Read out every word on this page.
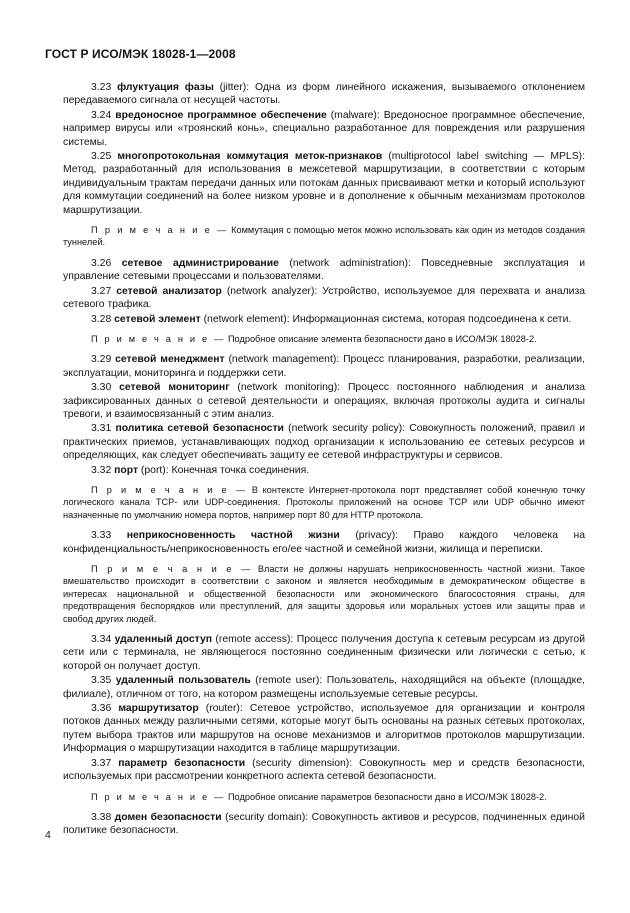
ГОСТ Р ИСО/МЭК 18028-1—2008

3.23 флуктуация фазы (jitter): Одна из форм линейного искажения, вызываемого отклонением передаваемого сигнала от несущей частоты.

3.24 вредоносное программное обеспечение (malware): Вредоносное программное обеспечение, например вирусы или «троянский конь», специально разработанное для повреждения или разрушения системы.

3.25 многопротокольная коммутация меток-признаков (multiprotocol label switching — MPLS): Метод, разработанный для использования в межсетевой маршрутизации, в соответствии с которым индивидуальным трактам передачи данных или потокам данных присваивают метки и который используют для коммутации соединений на более низком уровне и в дополнение к обычным механизмам протоколов маршрутизации.

П р и м е ч а н и е — Коммутация с помощью меток можно использовать как один из методов создания туннелей.

3.26 сетевое администрирование (network administration): Повседневные эксплуатация и управление сетевыми процессами и пользователями.

3.27 сетевой анализатор (network analyzer): Устройство, используемое для перехвата и анализа сетевого трафика.

3.28 сетевой элемент (network element): Информационная система, которая подсоединена к сети.

П р и м е ч а н и е — Подробное описание элемента безопасности дано в ИСО/МЭК 18028-2.

3.29 сетевой менеджмент (network management): Процесс планирования, разработки, реализации, эксплуатации, мониторинга и поддержки сети.

3.30 сетевой мониторинг (network monitoring): Процесс постоянного наблюдения и анализа зафиксированных данных о сетевой деятельности и операциях, включая протоколы аудита и сигналы тревоги, и взаимосвязанный с этим анализ.

3.31 политика сетевой безопасности (network security policy): Совокупность положений, правил и практических приемов, устанавливающих подход организации к использованию ее сетевых ресурсов и определяющих, как следует обеспечивать защиту ее сетевой инфраструктуры и сервисов.

3.32 порт (port): Конечная точка соединения.

П р и м е ч а н и е — В контексте Интернет-протокола порт представляет собой конечную точку логического канала TCP- или UDP-соединения. Протоколы приложений на основе TCP или UDP обычно имеют назначенные по умолчанию номера портов, например порт 80 для HTTP протокола.

3.33 неприкосновенность частной жизни (privacy): Право каждого человека на конфиденциальность/неприкосновенность его/ее частной и семейной жизни, жилища и переписки.

П р и м е ч а н и е — Власти не должны нарушать неприкосновенность частной жизни. Такое вмешательство происходит в соответствии с законом и является необходимым в демократическом обществе в интересах национальной и общественной безопасности или экономического благосостояния страны, для предотвращения беспорядков или преступлений, для защиты здоровья или моральных устоев или защиты прав и свобод других людей.

3.34 удаленный доступ (remote access): Процесс получения доступа к сетевым ресурсам из другой сети или с терминала, не являющегося постоянно соединенным физически или логически с сетью, к которой он получает доступ.

3.35 удаленный пользователь (remote user): Пользователь, находящийся на объекте (площадке, филиале), отличном от того, на котором размещены используемые сетевые ресурсы.

3.36 маршрутизатор (router): Сетевое устройство, используемое для организации и контроля потоков данных между различными сетями, которые могут быть основаны на разных сетевых протоколах, путем выбора трактов или маршрутов на основе механизмов и алгоритмов протоколов маршрутизации. Информация о маршрутизации находится в таблице маршрутизации.

3.37 параметр безопасности (security dimension): Совокупность мер и средств безопасности, используемых при рассмотрении конкретного аспекта сетевой безопасности.

П р и м е ч а н и е — Подробное описание параметров безопасности дано в ИСО/МЭК 18028-2.

3.38 домен безопасности (security domain): Совокупность активов и ресурсов, подчиненных единой политике безопасности.

4
